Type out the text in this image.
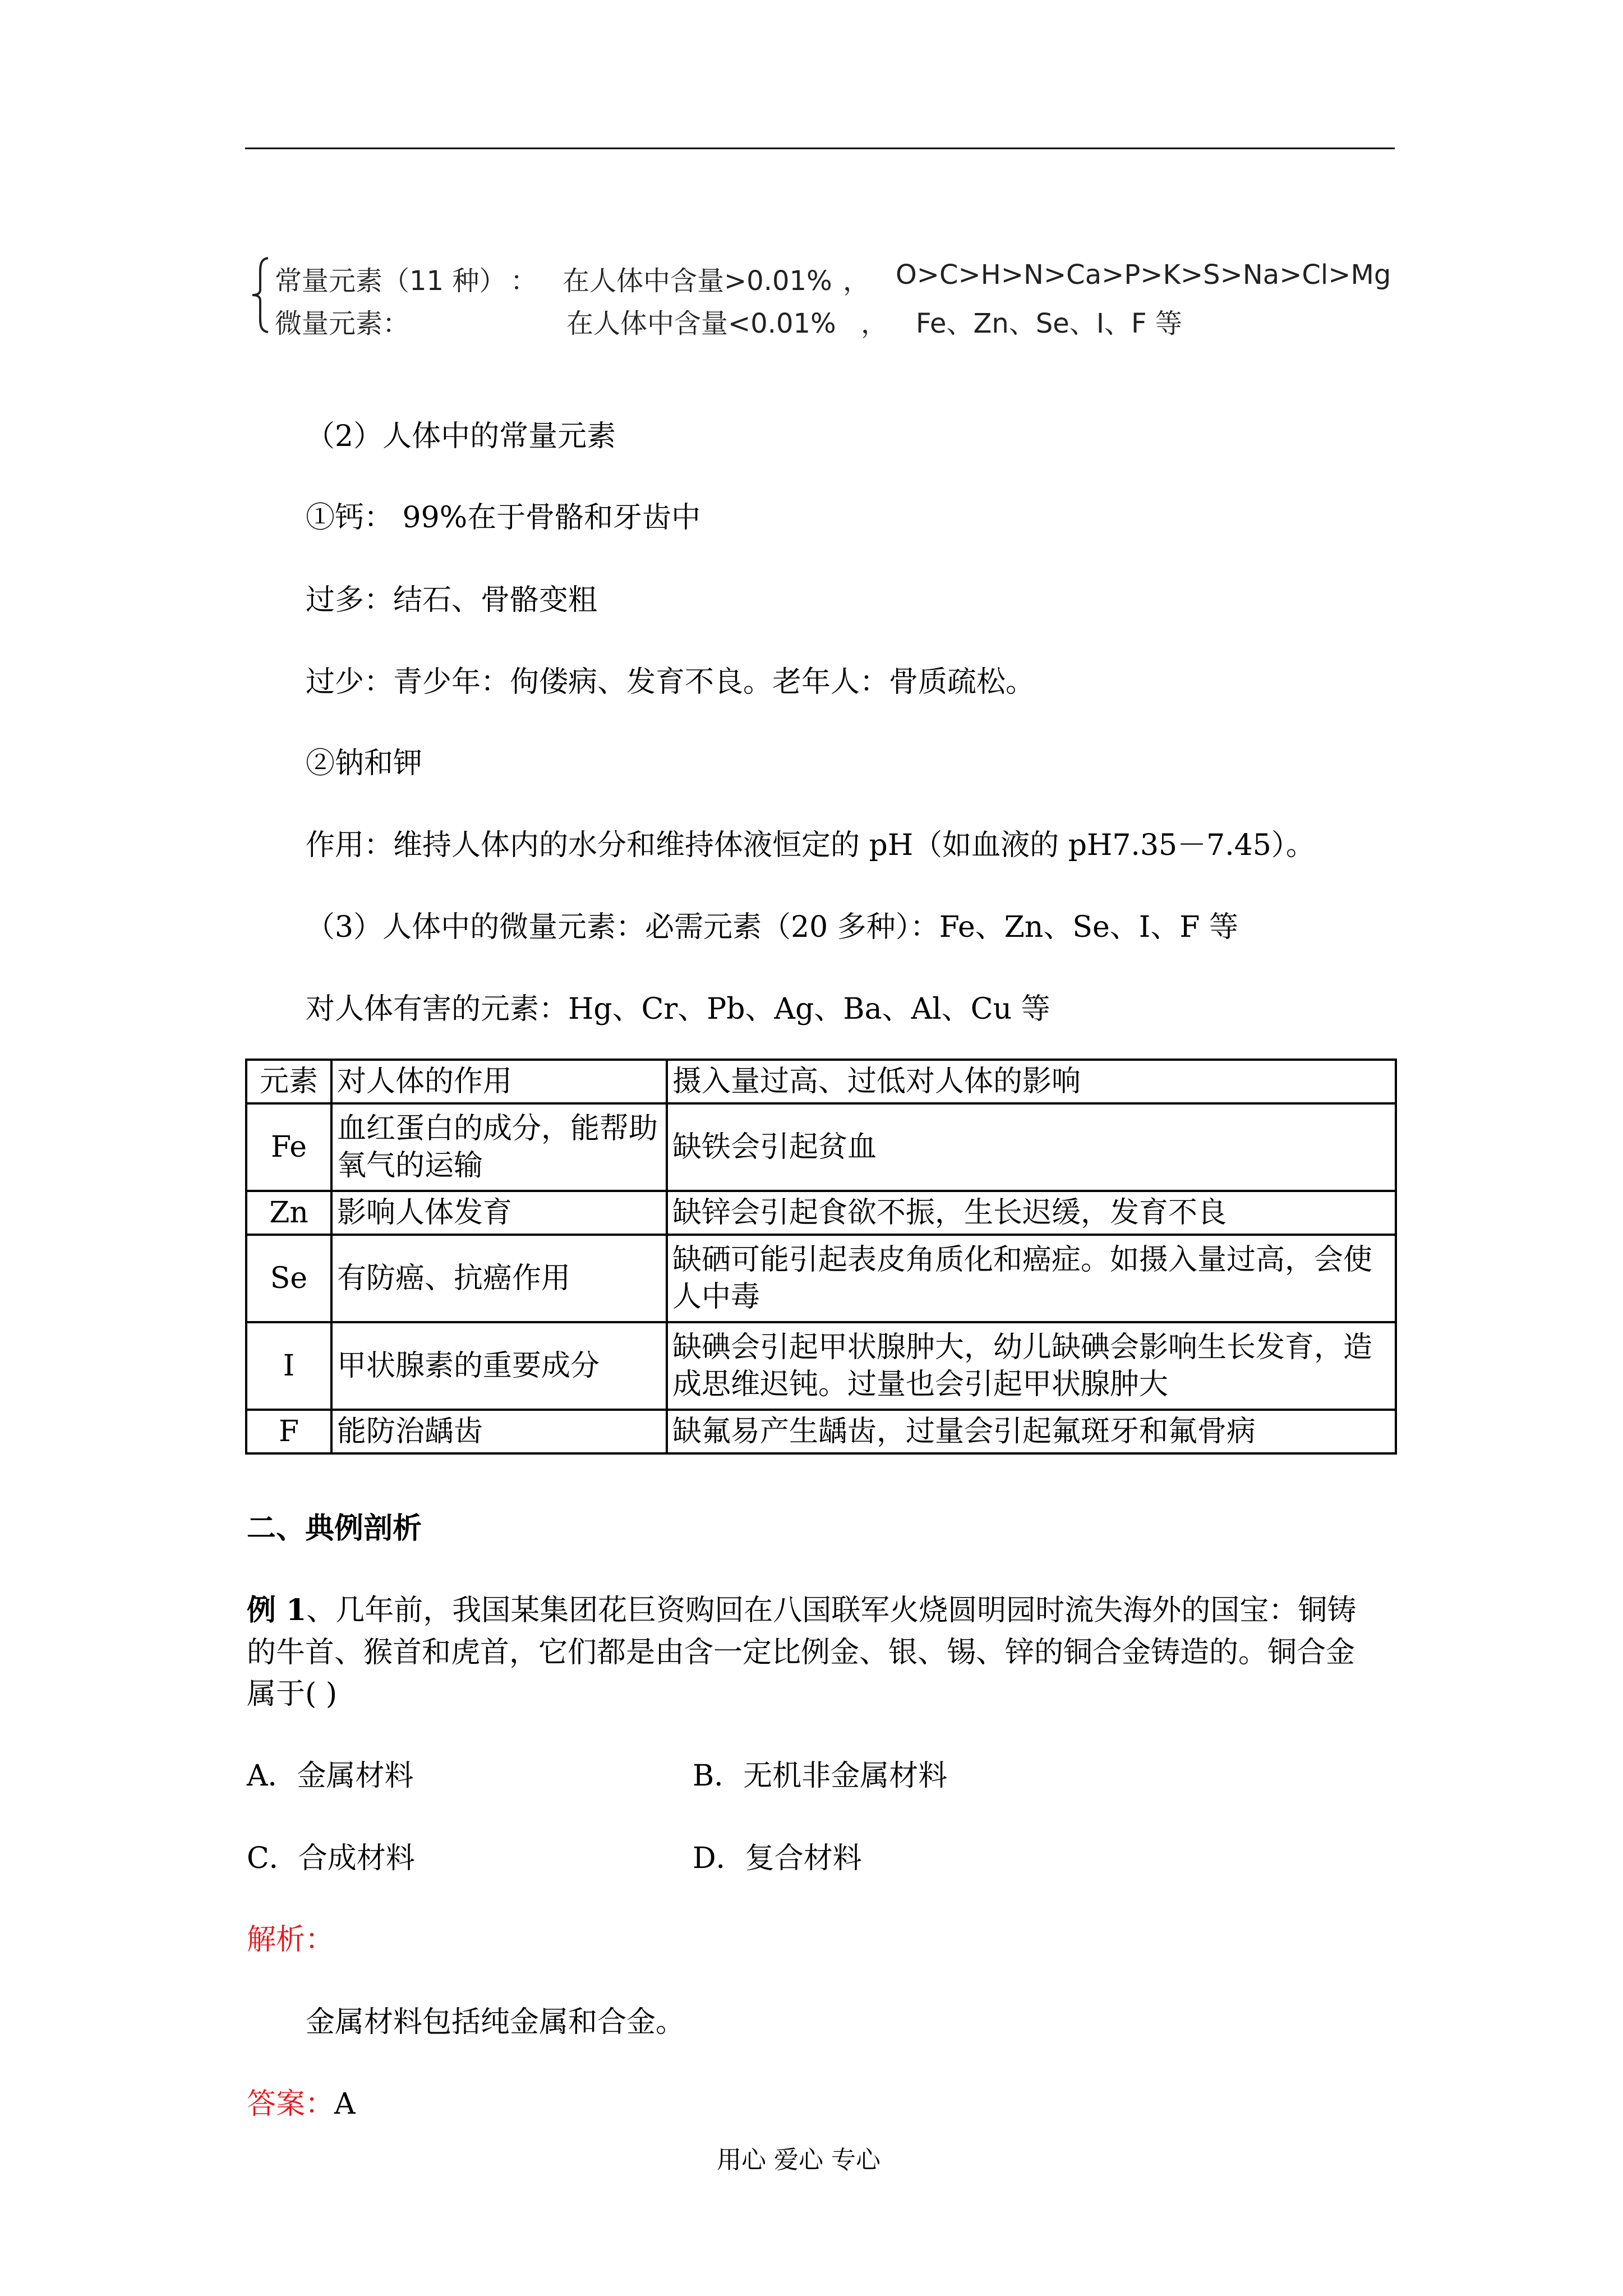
常量元素（11 种） ： 在人体中含量>0.01% ， O>C>H>N>Ca>P>K>S>Na>Cl>Mg
微量元素：	在人体中含量<0.01% ， Fe、Zn、Se、I、F 等
（2）人体中的常量元素
①钙： 99%在于骨骼和牙齿中
过多：结石、骨骼变粗
过少：青少年：佝偻病、发育不良。老年人：骨质疏松。
②钠和钾
作用：维持人体内的水分和维持体液恒定的 pH（如血液的 pH7.35－7.45）。
（3）人体中的微量元素：必需元素（20 多种）：Fe、Zn、Se、I、F 等
对人体有害的元素：Hg、Cr、Pb、Ag、Ba、Al、Cu 等
元素	对人体的作用	摄入量过高、过低对人体的影响
Fe	血红蛋白的成分，能帮助氧气的运输	缺铁会引起贫血
Zn	影响人体发育	缺锌会引起食欲不振，生长迟缓，发育不良
Se	有防癌、抗癌作用	缺硒可能引起表皮角质化和癌症。如摄入量过高，会使人中毒
I	甲状腺素的重要成分	缺碘会引起甲状腺肿大，幼儿缺碘会影响生长发育，造成思维迟钝。过量也会引起甲状腺肿大
F	能防治龋齿	缺氟易产生龋齿，过量会引起氟斑牙和氟骨病
二、典例剖析
例 1、几年前，我国某集团花巨资购回在八国联军火烧圆明园时流失海外的国宝：铜铸
的牛首、猴首和虎首，它们都是由含一定比例金、银、锡、锌的铜合金铸造的。铜合金
属于( )
A．金属材料	B．无机非金属材料
C．合成材料	D．复合材料
解析：
金属材料包括纯金属和合金。
答案：A
用心 爱心 专心
